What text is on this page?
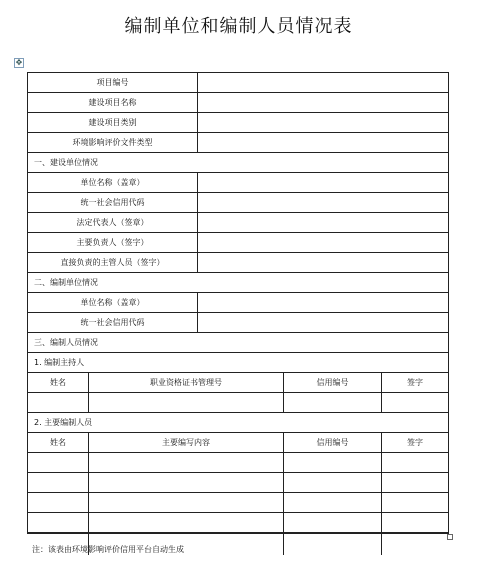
编制单位和编制人员情况表
✥
项目编号
建设项目名称
建设项目类别
环境影响评价文件类型
一、建设单位情况
单位名称（盖章）
统一社会信用代码
法定代表人（签章）
主要负责人（签字）
直接负责的主管人员（签字）
二、编制单位情况
单位名称（盖章）
统一社会信用代码
三、编制人员情况
1. 编制主持人
姓名	职业资格证书管理号	信用编号	签字
2. 主要编制人员
姓名	主要编写内容	信用编号	签字
注：该表由环境影响评价信用平台自动生成
